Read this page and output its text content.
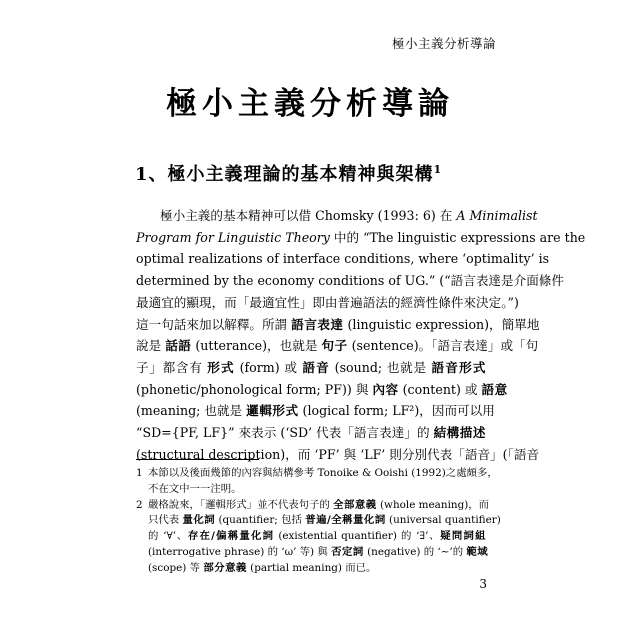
極小主義分析導論
極小主義分析導論
1、極小主義理論的基本精神與架構$^1$
極小主義的基本精神可以借 Chomsky (1993: 6) 在 A Minimalist
Program for Linguistic Theory 中的 “The linguistic expressions are the
optimal realizations of interface conditions, where ‘optimality’ is
determined by the economy conditions of UG.” (“語言表達是介面條件
最適宜的顯現，而「最適宜性」即由普遍語法的經濟性條件來決定。”)
這一句話來加以解釋。所謂 語言表達 (linguistic expression)，簡單地
說是 話語 (utterance)，也就是 句子 (sentence)。「語言表達」或「句
子」都含有 形式 (form) 或 語音 (sound; 也就是 語音形式
(phonetic/phonological form; PF)) 與 內容 (content) 或 語意
(meaning; 也就是 邏輯形式 (logical form; LF²)，因而可以用
“SD={PF, LF}” 來表示 (‘SD’ 代表「語言表達」的 結構描述
(structural description)，而 ‘PF’ 與 ‘LF’ 則分別代表「語音」(「語音
1 本節以及後面幾節的內容與結構參考 Tonoike & Ooishi (1992)之處頗多，
不在文中一一注明。
2 嚴格說來，「邏輯形式」並不代表句子的 全部意義 (whole meaning)，而
只代表 量化詞 (quantifier; 包括 普遍/全稱量化詞 (universal quantifier)
的 ‘∀’、存在/偏稱量化詞 (existential quantifier) 的 ‘∃’、疑問詞組
(interrogative phrase) 的 ‘ω’ 等) 與 否定詞 (negative) 的 ‘∼’的 範域
(scope) 等 部分意義 (partial meaning) 而已。
3
